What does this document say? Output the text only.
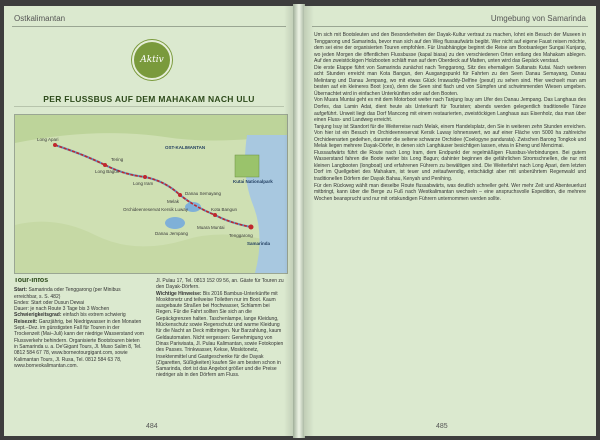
Ostkalimantan
Aktiv
PER FLUSSBUS AUF DEM MAHAKAM NACH ULU
OST-KALIMANTAN
Long Bagun
Long Iram
Melak
Muara Muntai
Kota Bangun
Tenggarong
Samarinda
Danau Jempang
Danau Semayang
Kutai Nationalpark
Long Apari
Tering
Orchideenreservat Kersik Luway
Tour-Infos

Start: Samarinda oder Tenggarong (per Minibus erreichbar, s. S. 482)

Endes: Start oder Dusun Dewai

Dauer: je nach Route 3 Tage bis 3 Wochen

Schwierigkeitsgrad: einfach bis extrem schwierig

Reisezeit: Ganzjährig, bei Niedrigwasser in den Monaten Sept.–Dez. im günstigsten Fall für Touren in der Trockenzeit (Mai–Juli) kann der niedrige Wasserstand vom Flussverkehr behindern. Organisierte Bootstouren bieten in Samarinda u. a. De'Gigant Tours, Jl. Muso Salim 8, Tel. 0812 584 67 78, www.borneotourgigant.com, sowie Kalimantan Tours, Jl. Rusa, Tel. 0812 584 63 78, www.borneokalimantan.com.

Jl. Pulau 17, Tel. 0813 152 09 56, an. Gäste für Touren zu den Dayak-Dörfern.

Wichtige Hinweise: Bis 2016 Bambus-Unterkünfte mit Moskitonetz und teilweise Toiletten nur im Boot. Kaum ausgebaute Straßen bei Hochwasser, Schlamm bei Regen. Für die Fahrt sollten Sie sich an die Gepäckgrenzen halten. Taschenlampe, lange Kleidung, Mückenschutz sowie Regenschutz und warme Kleidung für die Nacht an Deck mitbringen. Nur Barzahlung, kaum Geldautomaten. Nicht vergessen: Genehmigung von Dinas Pariwisata, Jl. Pulau Kalimantan, sowie Fotokopien des Passes. Trinkwasser, Kekse, Moskitonetz, Insektenmittel und Gastgeschenke für die Dayak (Zigaretten, Süßigkeiten) kaufen Sie am besten schon in Samarinda, dort ist das Angebot größer und die Preise niedriger als in den Dörfern am Fluss.

484
Umgebung von Samarinda

Um sich mit Bootsleuten und den Besonderheiten der Dayak-Kultur vertraut zu machen, lohnt ein Besuch der Museen in Tenggarong und Samarinda, bevor man sich auf den Weg flussaufwärts begibt. Wer nicht auf eigene Faust reisen möchte, dem sei eine der organisierten Touren empfohlen. Für Unabhängige beginnt die Reise am Bootsanleger Sungai Kunjang, wo jeden Morgen die öffentlichen Flussbusse (kapal biasa) zu den verschiedenen Orten entlang des Mahakam ablegen. Auf den zweistöckigen Holzbooten schläft man auf dem Oberdeck auf Matten, unten wird das Gepäck verstaut.

Die erste Etappe führt von Samarinda zunächst nach Tenggarong, Sitz des ehemaligen Sultanats Kutai. Nach weiteren acht Stunden erreicht man Kota Bangun, den Ausgangspunkt für Fahrten zu den Seen Danau Semayang, Danau Melintang und Danau Jempang, wo mit etwas Glück Irrawaddy-Delfine (pesut) zu sehen sind. Hier wechselt man am besten auf ein kleineres Boot (ces), denn die Seen sind flach und von Sümpfen und schwimmenden Wiesen umgeben. Übernachtet wird in einfachen Unterkünften oder auf den Booten.

Von Muara Muntai geht es mit dem Motorboot weiter nach Tanjung Isuy am Ufer des Danau Jempang. Das Langhaus des Dorfes, das Lamin Adat, dient heute als Unterkunft für Touristen; abends werden gelegentlich traditionelle Tänze aufgeführt. Unweit liegt das Dorf Mancong mit einem restaurierten, zweistöckigen Langhaus aus Eisenholz, das man über einen Fluss- und Landweg erreicht.

Tanjung Isuy ist Standort für die Weiterreise nach Melak, einem Handelsplatz, den Sie in weiteren zehn Stunden erreichen. Von hier ist ein Besuch im Orchideenreservat Kersik Luway lohnenswert, wo auf einer Fläche von 5000 ha zahlreiche Orchideenarten gedeihen, darunter die seltene schwarze Orchidee (Coelogyne pandurata). Zwischen Barong Tongkok und Melak liegen mehrere Dayak-Dörfer, in denen sich Langhäuser besichtigen lassen, etwa in Eheng und Mencimai.

Flussaufwärts führt die Route nach Long Iram, dem Endpunkt der regelmäßigen Flussbus-Verbindungen. Bei gutem Wasserstand fahren die Boote weiter bis Long Bagun; dahinter beginnen die gefährlichen Stromschnellen, die nur mit kleinen Langbooten (longboat) und erfahrenen Führern zu bewältigen sind. Die Weiterfahrt nach Long Apari, dem letzten Dorf im Quellgebiet des Mahakam, ist teuer und zeitaufwendig, entschädigt aber mit unberührtem Regenwald und traditionellen Dörfern der Dayak Bahau, Kenyah und Penihing.

Für den Rückweg wählt man dieselbe Route flussabwärts, was deutlich schneller geht. Wer mehr Zeit und Abenteuerlust mitbringt, kann über die Berge zu Fuß nach Westkalimantan wechseln – eine anspruchsvolle Expedition, die mehrere Wochen beansprucht und nur mit ortskundigen Führern unternommen werden sollte.

485
